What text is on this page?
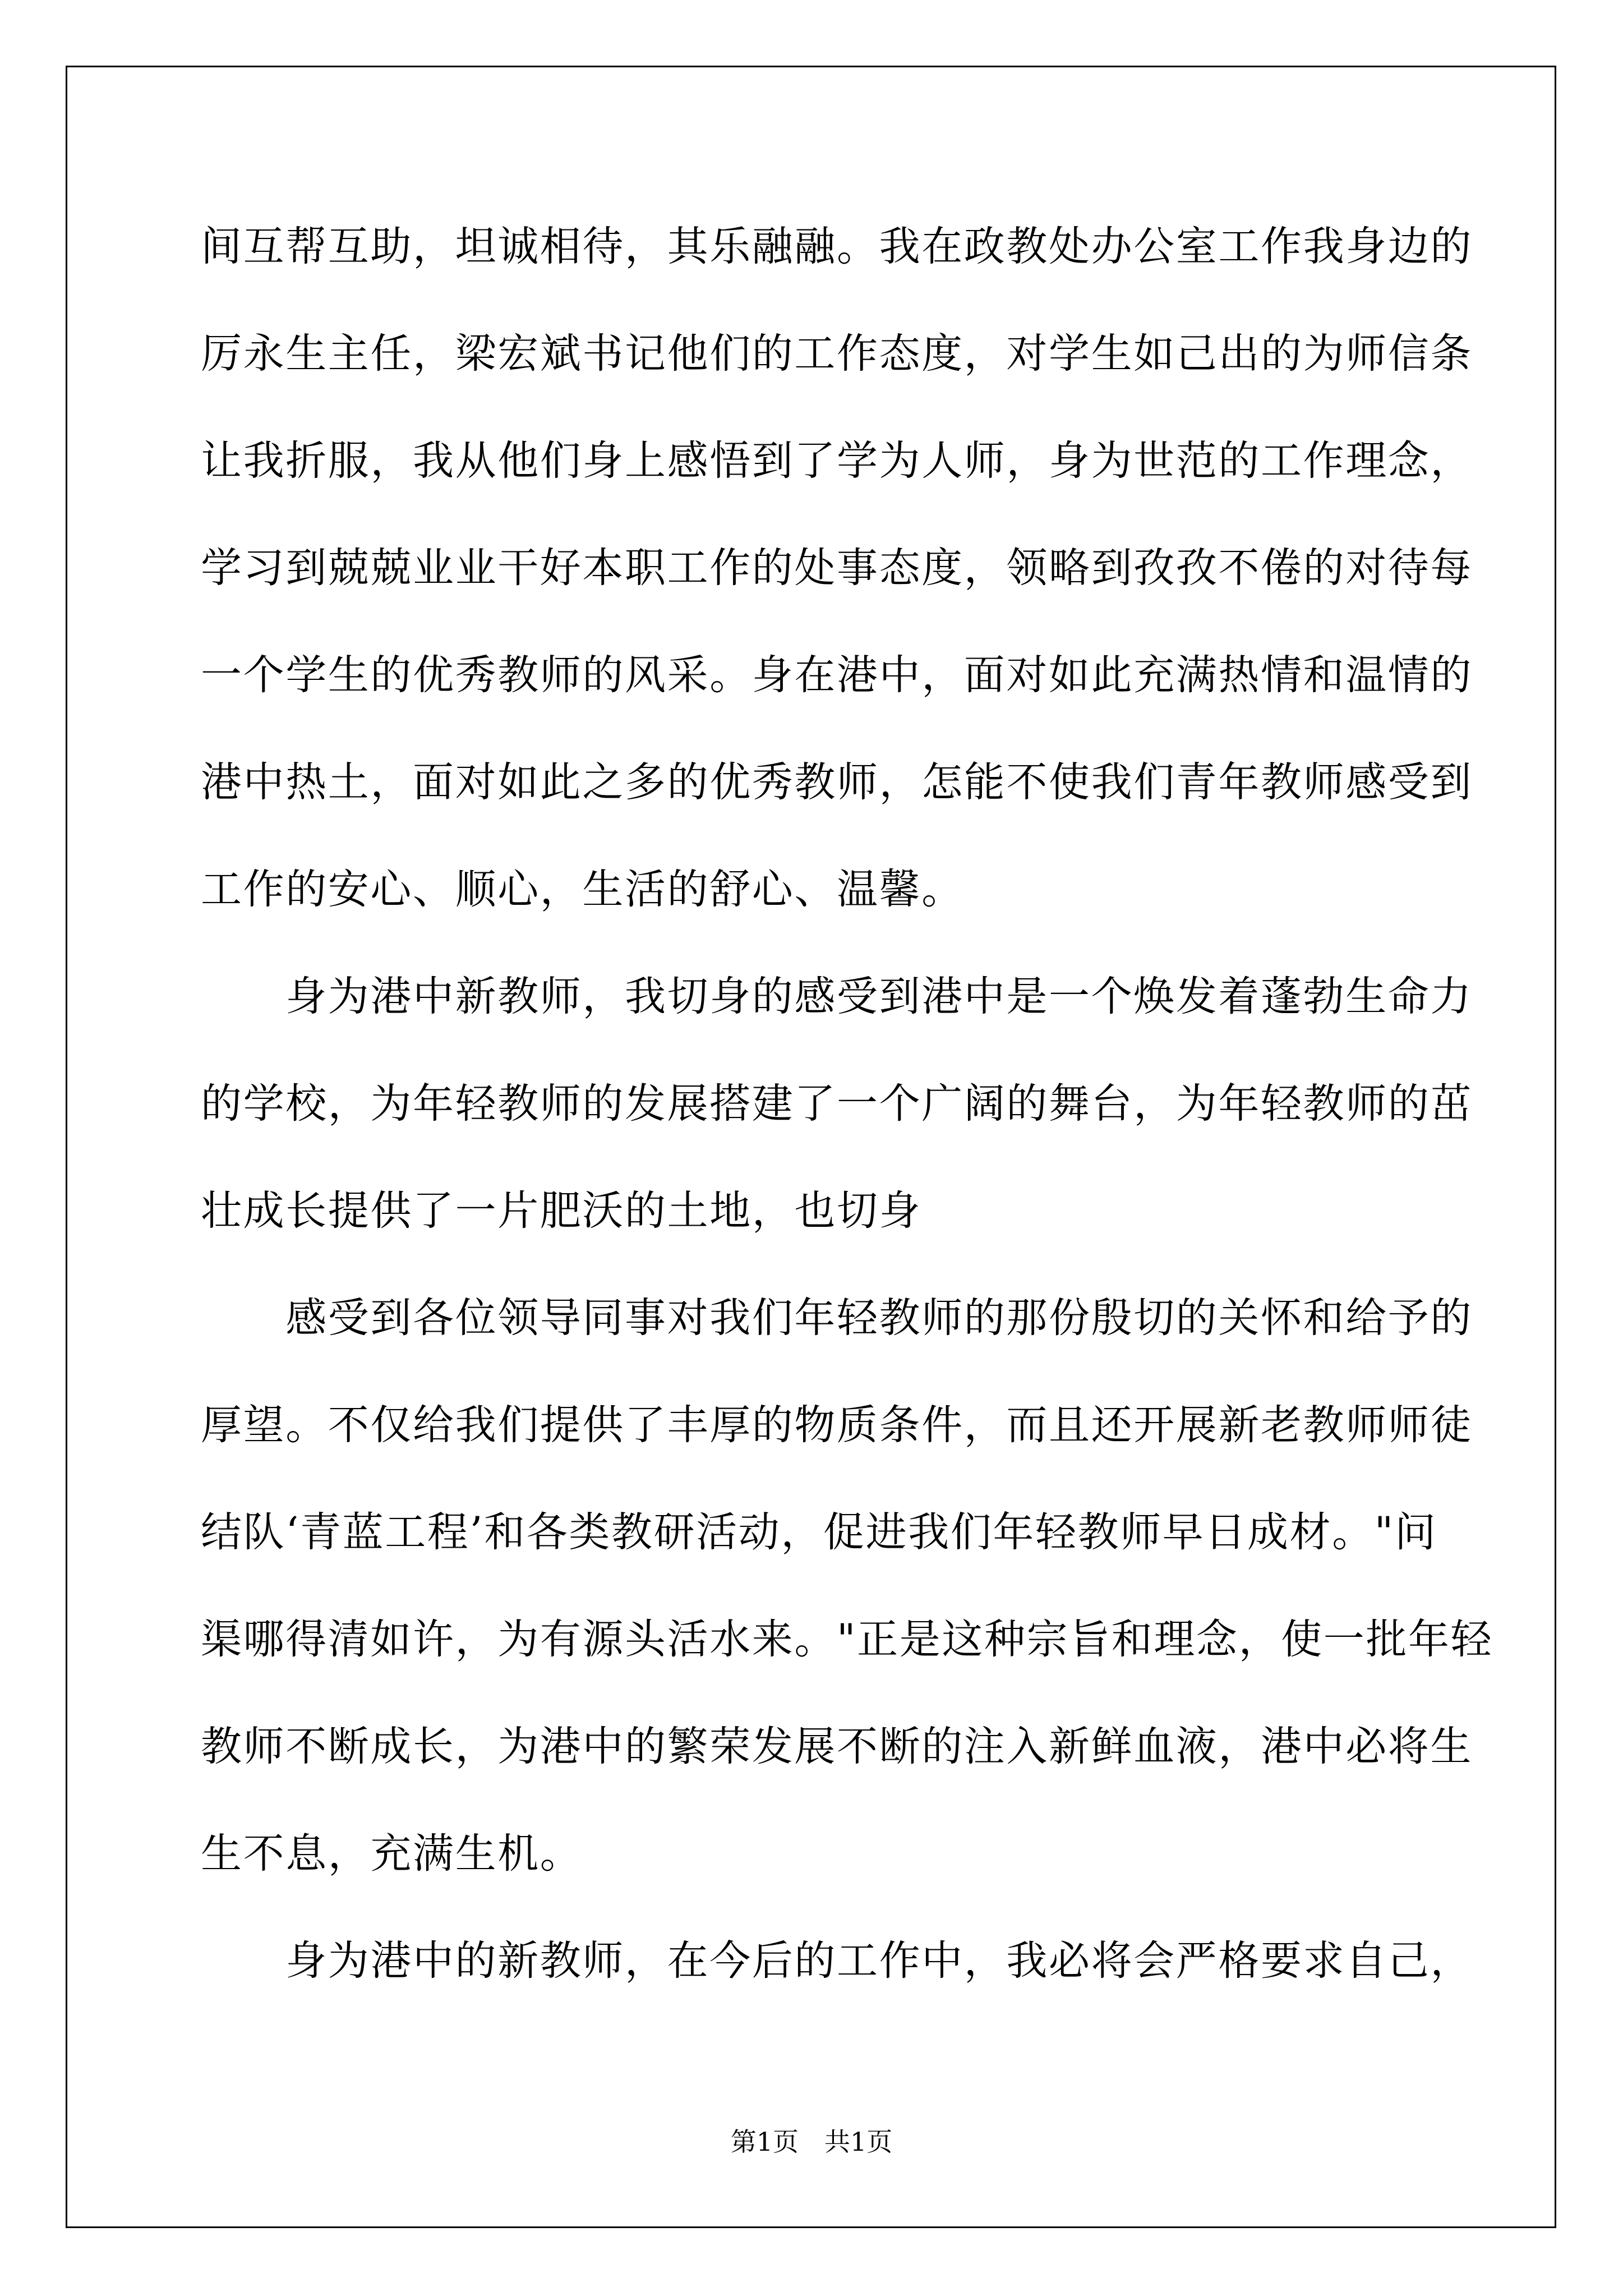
间互帮互助，坦诚相待，其乐融融。我在政教处办公室工作我身边的
厉永生主任，梁宏斌书记他们的工作态度，对学生如己出的为师信条
让我折服，我从他们身上感悟到了学为人师，身为世范的工作理念，
学习到兢兢业业干好本职工作的处事态度，领略到孜孜不倦的对待每
一个学生的优秀教师的风采。身在港中，面对如此充满热情和温情的
港中热土，面对如此之多的优秀教师，怎能不使我们青年教师感受到
工作的安心、顺心，生活的舒心、温馨。
　　身为港中新教师，我切身的感受到港中是一个焕发着蓬勃生命力
的学校，为年轻教师的发展搭建了一个广阔的舞台，为年轻教师的茁
壮成长提供了一片肥沃的土地，也切身
　　感受到各位领导同事对我们年轻教师的那份殷切的关怀和给予的
厚望。不仅给我们提供了丰厚的物质条件，而且还开展新老教师师徒
结队‘青蓝工程’和各类教研活动，促进我们年轻教师早日成材。"问
渠哪得清如许，为有源头活水来。"正是这种宗旨和理念，使一批年轻
教师不断成长，为港中的繁荣发展不断的注入新鲜血液，港中必将生
生不息，充满生机。
　　身为港中的新教师，在今后的工作中，我必将会严格要求自己，
第1页　共1页
